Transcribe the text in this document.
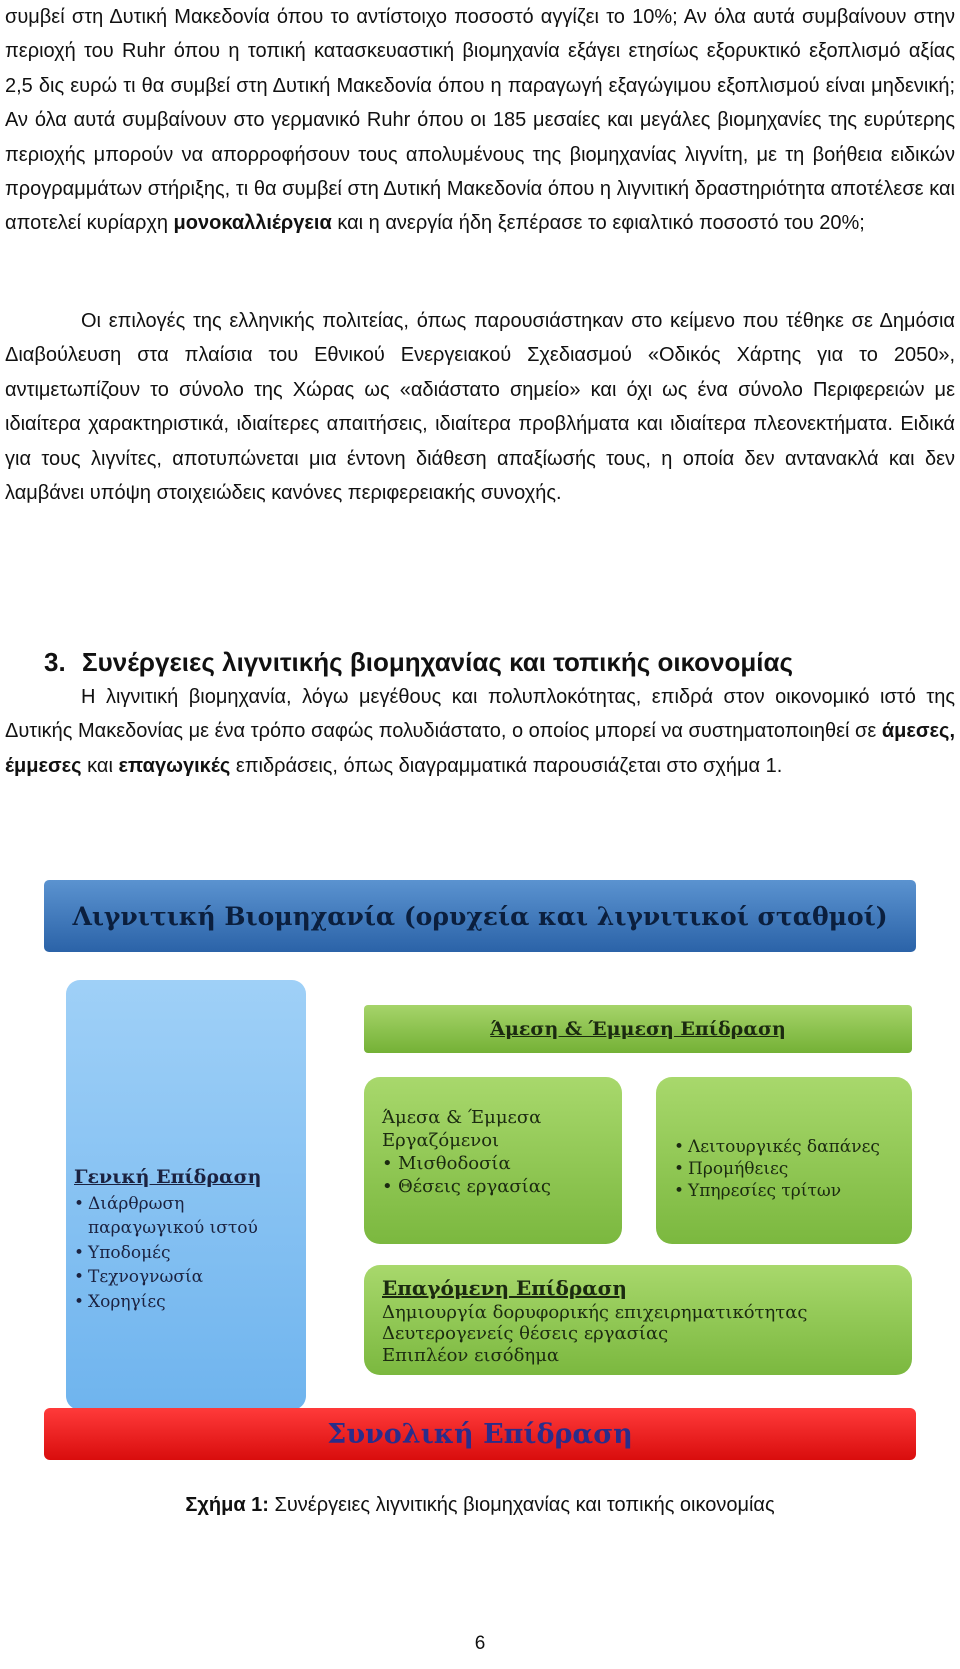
συμβεί στη Δυτική Μακεδονία όπου το αντίστοιχο ποσοστό αγγίζει το 10%; Αν όλα αυτά συμβαίνουν στην περιοχή του Ruhr όπου η τοπική κατασκευαστική βιομηχανία εξάγει ετησίως εξορυκτικό εξοπλισμό αξίας 2,5 δις ευρώ τι θα συμβεί στη Δυτική Μακεδονία όπου η παραγωγή εξαγώγιμου εξοπλισμού είναι μηδενική; Αν όλα αυτά συμβαίνουν στο γερμανικό Ruhr όπου οι 185 μεσαίες και μεγάλες βιομηχανίες της ευρύτερης περιοχής μπορούν να απορροφήσουν τους απολυμένους της βιομηχανίας λιγνίτη, με τη βοήθεια ειδικών προγραμμάτων στήριξης, τι θα συμβεί στη Δυτική Μακεδονία όπου η λιγνιτική δραστηριότητα αποτέλεσε και αποτελεί κυρίαρχη μονοκαλλιέργεια και η ανεργία ήδη ξεπέρασε το εφιαλτικό ποσοστό του 20%;

Οι επιλογές της ελληνικής πολιτείας, όπως παρουσιάστηκαν στο κείμενο που τέθηκε σε Δημόσια Διαβούλευση στα πλαίσια του Εθνικού Ενεργειακού Σχεδιασμού «Οδικός Χάρτης για το 2050», αντιμετωπίζουν το σύνολο της Χώρας ως «αδιάστατο σημείο» και όχι ως ένα σύνολο Περιφερειών με ιδιαίτερα χαρακτηριστικά, ιδιαίτερες απαιτήσεις, ιδιαίτερα προβλήματα και ιδιαίτερα πλεονεκτήματα. Ειδικά για τους λιγνίτες, αποτυπώνεται μια έντονη διάθεση απαξίωσής τους, η οποία δεν αντανακλά και δεν λαμβάνει υπόψη στοιχειώδεις κανόνες περιφερειακής συνοχής.

3. Συνέργειες λιγνιτικής βιομηχανίας και τοπικής οικονομίας

Η λιγνιτική βιομηχανία, λόγω μεγέθους και πολυπλοκότητας, επιδρά στον οικονομικό ιστό της Δυτικής Μακεδονίας με ένα τρόπο σαφώς πολυδιάστατο, ο οποίος μπορεί να συστηματοποιηθεί σε άμεσες, έμμεσες και επαγωγικές επιδράσεις, όπως διαγραμματικά παρουσιάζεται στο σχήμα 1.

Λιγνιτική Βιομηχανία (ορυχεία και λιγνιτικοί σταθμοί)
Γενική Επίδραση
• Διάρθρωση
παραγωγικού ιστού
• Υποδομές
• Τεχνογνωσία
• Χορηγίες
Άμεση & Έμμεση Επίδραση
Άμεσα & Έμμεσα
Εργαζόμενοι
• Μισθοδοσία
• Θέσεις εργασίας
• Λειτουργικές δαπάνες
• Προμήθειες
• Υπηρεσίες τρίτων
Επαγόμενη Επίδραση
Δημιουργία δορυφορικής επιχειρηματικότητας
Δευτερογενείς θέσεις εργασίας
Επιπλέον εισόδημα
Συνολική Επίδραση
Σχήμα 1: Συνέργειες λιγνιτικής βιομηχανίας και τοπικής οικονομίας
6
